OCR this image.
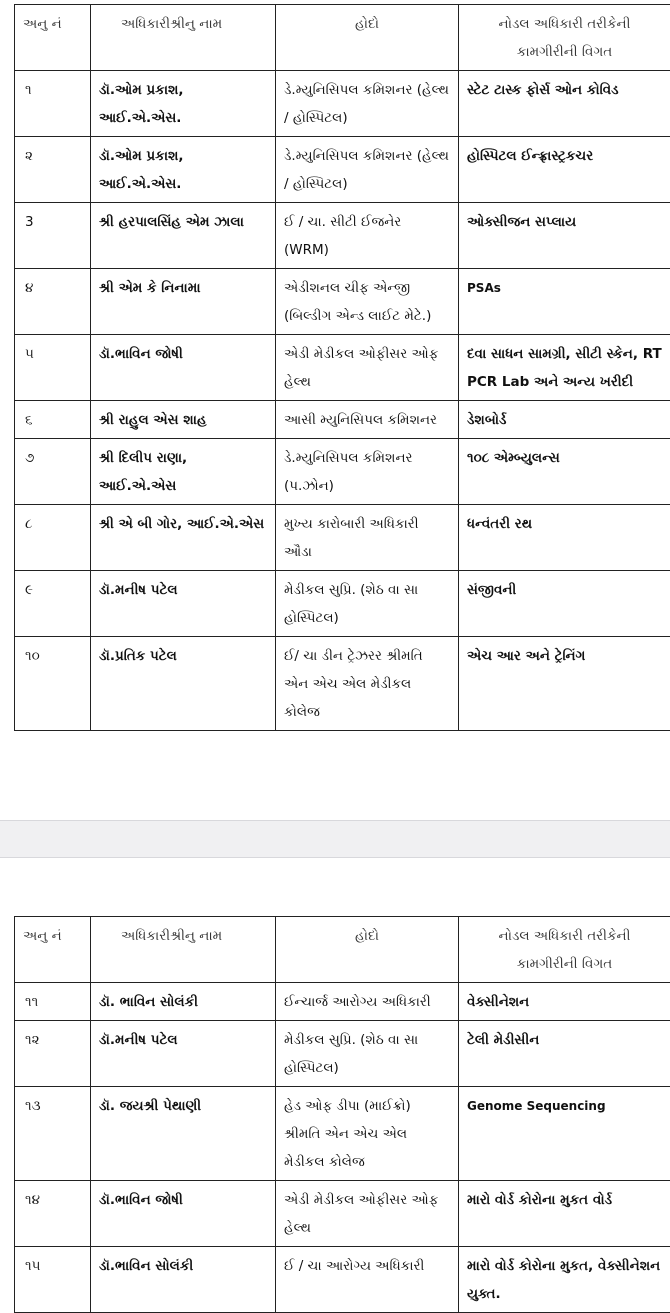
અનુ નં	અધિકારીશ્રીનુ નામ	હોદો	નોડલ અધિકારી તરીકેની કામગીરીની વિગત
૧	ડૉ.ઓમ પ્રકાશ, આઈ.એ.એસ.	ડે.મ્યુનિસિપલ કમિશનર (હેલ્થ / હોસ્પિટલ)	સ્ટેટ ટાસ્ક ફોર્સ ઓન કોવિડ
૨	ડૉ.ઓમ પ્રકાશ, આઈ.એ.એસ.	ડે.મ્યુનિસિપલ કમિશનર (હેલ્થ / હોસ્પિટલ)	હોસ્પિટલ ઈન્ફ્રાસ્ટ્રકચર
3	શ્રી હરપાલસિંહ એમ ઝાલા	ઈ / ચા. સીટી ઈજનેર (WRM)	ઓક્સીજન સપ્લાય
૪	શ્રી એમ કે નિનામા	એડીશનલ ચીફ એન્જી (બિલ્ડીગ એન્ડ લાઈટ મેટે.)	PSAs
૫	ડૉ.ભાવિન જોષી	એડી મેડીકલ ઓફીસર ઓફ હેલ્થ	દવા સાધન સામગ્રી, સીટી સ્કેન, RT PCR Lab અને અન્ય ખરીદી
૬	શ્રી રાહુલ એસ શાહ	આસી મ્યુનિસિપલ કમિશનર	ડેશબોર્ડ
૭	શ્રી દિલીપ રાણા, આઈ.એ.એસ	ડે.મ્યુનિસિપલ કમિશનર (પ.ઝોન)	૧૦૮ એમ્બ્યુલન્સ
૮	શ્રી એ બી ગોર, આઈ.એ.એસ	મુખ્ય કારોબારી અધિકારી ઔડા	ધન્વંતરી રથ
૯	ડૉ.મનીષ પટેલ	મેડીકલ સુપ્રિ. (શેઠ વા સા હોસ્પિટલ)	સંજીવની
૧૦	ડૉ.પ્રતિક પટેલ	ઈ/ ચા ડીન ટ્રેઝરર શ્રીમતિ એન એચ એલ મેડીકલ કોલેજ	એચ આર અને ટ્રેનિંગ
અનુ નં	અધિકારીશ્રીનુ નામ	હોદો	નોડલ અધિકારી તરીકેની કામગીરીની વિગત
૧૧	ડૉ. ભાવિન સોલંકી	ઈન્ચાર્જ આરોગ્ય અધિકારી	વેક્સીનેશન
૧૨	ડૉ.મનીષ પટેલ	મેડીકલ સુપ્રિ. (શેઠ વા સા હોસ્પિટલ)	ટેલી મેડીસીન
૧૩	ડૉ. જયશ્રી પેથાણી	હેડ ઓફ ડીપા (માઈક્રો) શ્રીમતિ એન એચ એલ મેડીકલ કોલેજ	Genome Sequencing
૧૪	ડૉ.ભાવિન જોષી	એડી મેડીકલ ઓફીસર ઓફ હેલ્થ	મારો વોર્ડ કોરોના મુકત વોર્ડ
૧૫	ડૉ.ભાવિન સોલંકી	ઈ / ચા આરોગ્ય અધિકારી	મારો વોર્ડ કોરોના મુકત, વેક્સીનેશન યુક્ત.
